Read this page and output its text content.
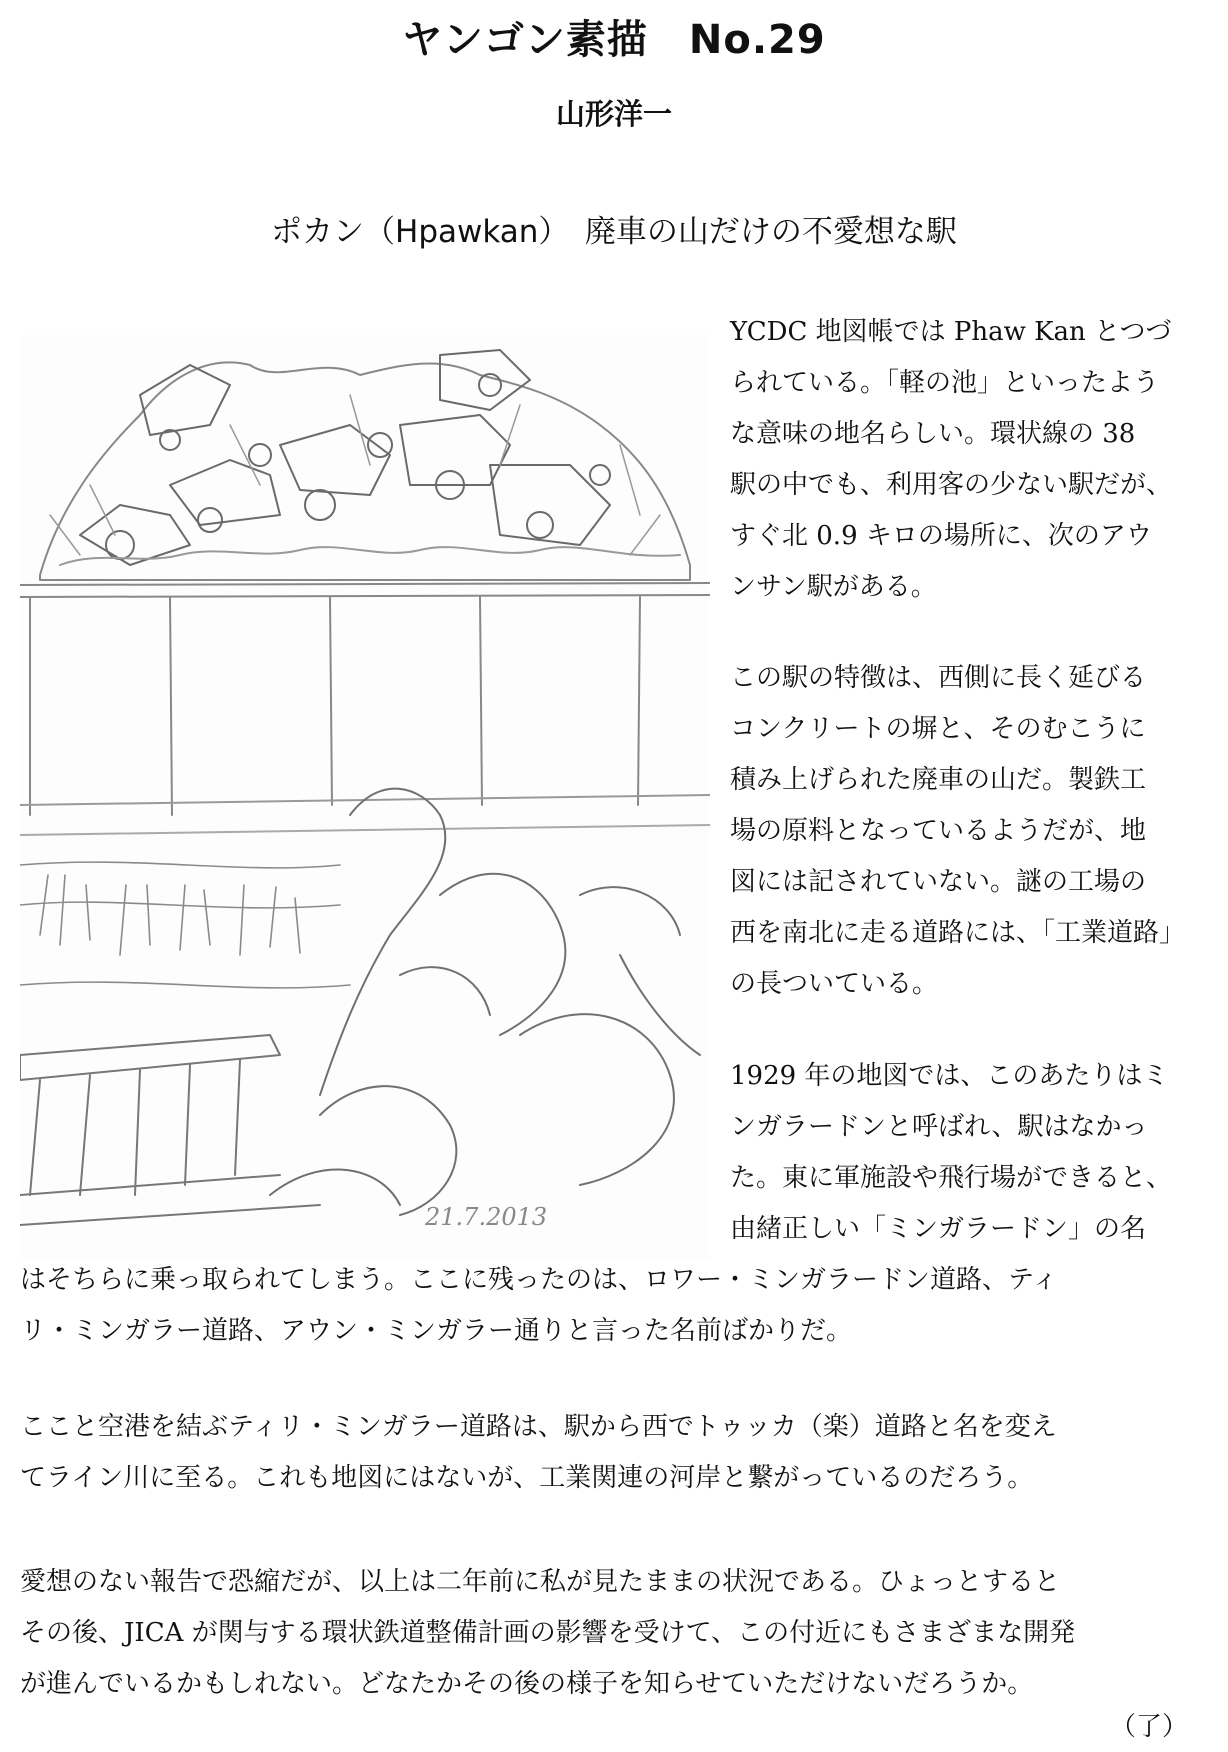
ヤンゴン素描　No.29
山形洋一
ポカン（Hpawkan）　廃車の山だけの不愛想な駅
21.7.2013

YCDC 地図帳では Phaw Kan とつづ
られている。「軽の池」といったよう
な意味の地名らしい。環状線の 38
駅の中でも、利用客の少ない駅だが、
すぐ北 0.9 キロの場所に、次のアウ
ンサン駅がある。

この駅の特徴は、西側に長く延びる
コンクリートの塀と、そのむこうに
積み上げられた廃車の山だ。製鉄工
場の原料となっているようだが、地
図には記されていない。謎の工場の
西を南北に走る道路には、「工業道路」
の長ついている。

1929 年の地図では、このあたりはミ
ンガラードンと呼ばれ、駅はなかっ
た。東に軍施設や飛行場ができると、
由緒正しい「ミンガラードン」の名

はそちらに乗っ取られてしまう。ここに残ったのは、ロワー・ミンガラードン道路、ティ
リ・ミンガラー道路、アウン・ミンガラー通りと言った名前ばかりだ。

ここと空港を結ぶティリ・ミンガラー道路は、駅から西でトゥッカ（楽）道路と名を変え
てライン川に至る。これも地図にはないが、工業関連の河岸と繋がっているのだろう。

愛想のない報告で恐縮だが、以上は二年前に私が見たままの状況である。ひょっとすると
その後、JICA が関与する環状鉄道整備計画の影響を受けて、この付近にもさまざまな開発
が進んでいるかもしれない。どなたかその後の様子を知らせていただけないだろうか。

（了）
